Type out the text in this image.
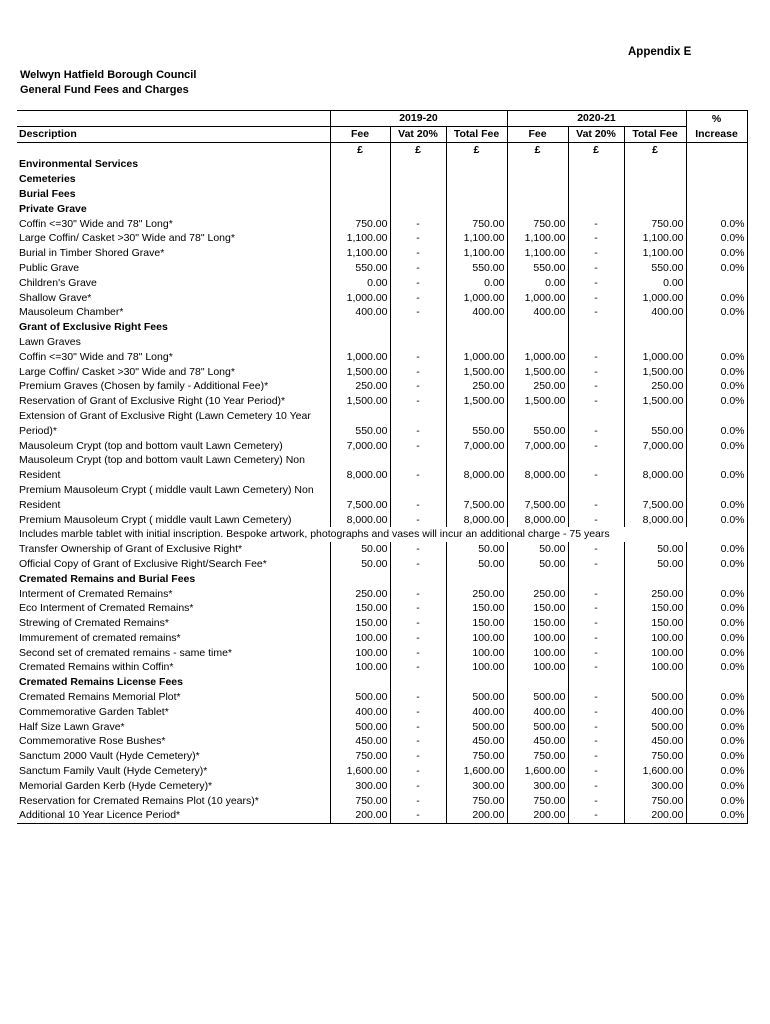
Appendix E
Welwyn Hatfield Borough Council
General Fund Fees and Charges
	2019-20			2020-21			%
Description	Fee	Vat 20%	Total Fee	Fee	Vat 20%	Total Fee	Increase
	£	£	£	£	£	£	
Environmental Services							

Cemeteries							
Burial Fees							
Private Grave							
Coffin <=30" Wide and 78" Long*	750.00	-	750.00	750.00	-	750.00	0.0%
Large Coffin/ Casket >30" Wide and 78" Long*	1,100.00	-	1,100.00	1,100.00	-	1,100.00	0.0%
Burial in Timber Shored Grave*	1,100.00	-	1,100.00	1,100.00	-	1,100.00	0.0%
Public Grave	550.00	-	550.00	550.00	-	550.00	0.0%
Children's Grave	0.00	-	0.00	0.00	-	0.00	
Shallow Grave*	1,000.00	-	1,000.00	1,000.00	-	1,000.00	0.0%
Mausoleum Chamber*	400.00	-	400.00	400.00	-	400.00	0.0%

Grant of Exclusive Right Fees							

Lawn Graves							
Coffin <=30" Wide and 78" Long*	1,000.00	-	1,000.00	1,000.00	-	1,000.00	0.0%
Large Coffin/ Casket >30" Wide and 78" Long*	1,500.00	-	1,500.00	1,500.00	-	1,500.00	0.0%
Premium Graves (Chosen by family - Additional Fee)*	250.00	-	250.00	250.00	-	250.00	0.0%

Reservation of Grant of Exclusive Right (10 Year Period)*	1,500.00	-	1,500.00	1,500.00	-	1,500.00	0.0%
Extension of Grant of Exclusive Right (Lawn Cemetery 10 Year Period)*	550.00	-	550.00	550.00	-	550.00	0.0%

Mausoleum Crypt (top and bottom vault Lawn Cemetery)	7,000.00	-	7,000.00	7,000.00	-	7,000.00	0.0%
Mausoleum Crypt (top and bottom vault Lawn Cemetery) Non Resident	8,000.00	-	8,000.00	8,000.00	-	8,000.00	0.0%
Premium Mausoleum Crypt ( middle vault Lawn Cemetery) Non Resident	7,500.00	-	7,500.00	7,500.00	-	7,500.00	0.0%
Premium Mausoleum Crypt ( middle vault Lawn Cemetery)	8,000.00	-	8,000.00	8,000.00	-	8,000.00	0.0%
Includes marble tablet with initial inscription. Bespoke artwork, photographs and vases will incur an additional charge - 75 years							

Transfer Ownership of Grant of Exclusive Right*	50.00	-	50.00	50.00	-	50.00	0.0%
Official Copy of Grant of Exclusive Right/Search Fee*	50.00	-	50.00	50.00	-	50.00	0.0%

Cremated Remains and Burial Fees							
Interment of Cremated Remains*	250.00	-	250.00	250.00	-	250.00	0.0%
Eco Interment of Cremated Remains*	150.00	-	150.00	150.00	-	150.00	0.0%
Strewing of Cremated Remains*	150.00	-	150.00	150.00	-	150.00	0.0%
Immurement of cremated remains*	100.00	-	100.00	100.00	-	100.00	0.0%
Second set of cremated remains - same time*	100.00	-	100.00	100.00	-	100.00	0.0%
Cremated Remains within Coffin*	100.00	-	100.00	100.00	-	100.00	0.0%

Cremated Remains License Fees							
Cremated Remains Memorial Plot*	500.00	-	500.00	500.00	-	500.00	0.0%
Commemorative Garden Tablet*	400.00	-	400.00	400.00	-	400.00	0.0%
Half Size Lawn Grave*	500.00	-	500.00	500.00	-	500.00	0.0%
Commemorative Rose Bushes*	450.00	-	450.00	450.00	-	450.00	0.0%
Sanctum 2000 Vault (Hyde Cemetery)*	750.00	-	750.00	750.00	-	750.00	0.0%
Sanctum Family Vault (Hyde Cemetery)*	1,600.00	-	1,600.00	1,600.00	-	1,600.00	0.0%
Memorial Garden Kerb (Hyde Cemetery)*	300.00	-	300.00	300.00	-	300.00	0.0%
Reservation for Cremated Remains Plot (10 years)*	750.00	-	750.00	750.00	-	750.00	0.0%
Additional 10 Year Licence Period*	200.00	-	200.00	200.00	-	200.00	0.0%
